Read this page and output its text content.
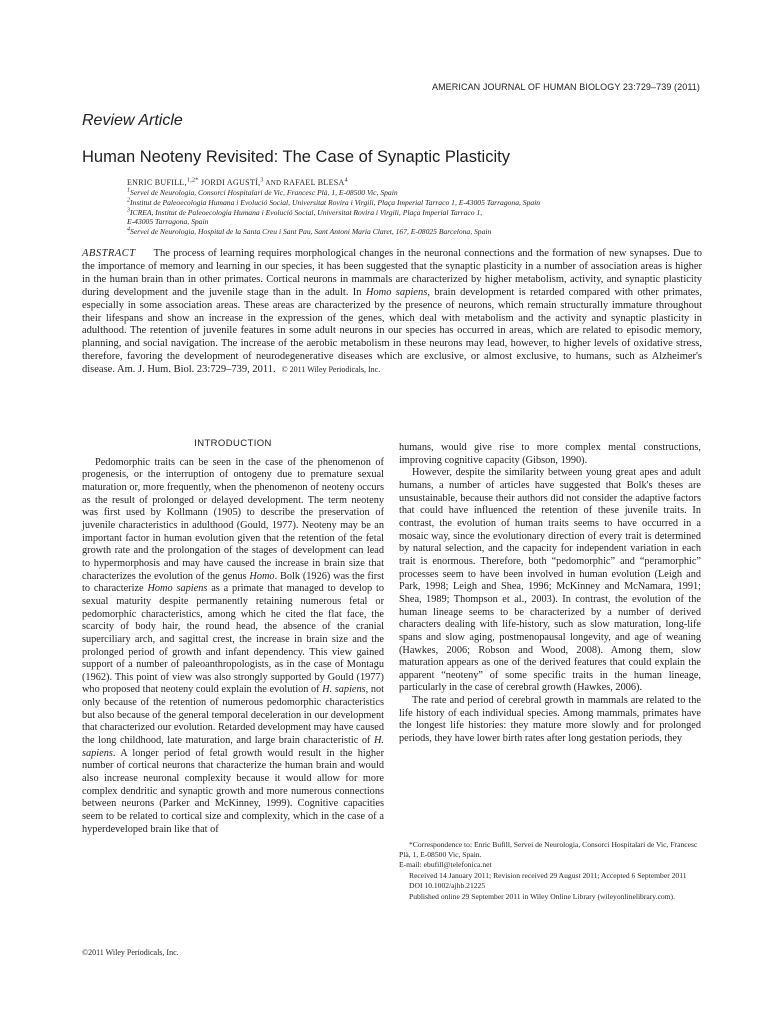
AMERICAN JOURNAL OF HUMAN BIOLOGY 23:729–739 (2011)
Review Article
Human Neoteny Revisited: The Case of Synaptic Plasticity
ENRIC BUFILL,$^{1,2*}$ JORDI AGUSTÍ,$^3$ AND RAFAEL BLESA$^4$
$^1$Servei de Neurologia, Consorci Hospitalari de Vic, Francesc Plà, 1, E-08500 Vic, Spain
$^2$Institut de Paleoecologia Humana i Evolució Social, Universitat Rovira i Virgili, Plaça Imperial Tarraco 1, E-43005 Tarragona, Spain
$^3$ICREA, Institut de Paleoecologia Humana i Evolució Social, Universitat Rovira i Virgili, Plaça Imperial Tarraco 1,
E-43005 Tarragona, Spain
$^4$Servei de Neurologia, Hospital de la Santa Creu i Sant Pau, Sant Antoni Maria Claret, 167, E-08025 Barcelona, Spain
ABSTRACT The process of learning requires morphological changes in the neuronal connections and the formation of new synapses. Due to the importance of memory and learning in our species, it has been suggested that the synaptic plasticity in a number of association areas is higher in the human brain than in other primates. Cortical neurons in mammals are characterized by higher metabolism, activity, and synaptic plasticity during development and the juvenile stage than in the adult. In Homo sapiens, brain development is retarded compared with other primates, especially in some association areas. These areas are characterized by the presence of neurons, which remain structurally immature throughout their lifespans and show an increase in the expression of the genes, which deal with metabolism and the activity and synaptic plasticity in adulthood. The retention of juvenile features in some adult neurons in our species has occurred in areas, which are related to episodic memory, planning, and social navigation. The increase of the aerobic metabolism in these neurons may lead, however, to higher levels of oxidative stress, therefore, favoring the development of neurodegenerative diseases which are exclusive, or almost exclusive, to humans, such as Alzheimer's disease. Am. J. Hum. Biol. 23:729–739, 2011. © 2011 Wiley Periodicals, Inc.
INTRODUCTION

Pedomorphic traits can be seen in the case of the phenomenon of progenesis, or the interruption of ontogeny due to premature sexual maturation or, more frequently, when the phenomenon of neoteny occurs as the result of prolonged or delayed development. The term neoteny was first used by Kollmann (1905) to describe the preservation of juvenile characteristics in adulthood (Gould, 1977). Neoteny may be an important factor in human evolution given that the retention of the fetal growth rate and the prolongation of the stages of development can lead to hypermorphosis and may have caused the increase in brain size that characterizes the evolution of the genus Homo. Bolk (1926) was the first to characterize Homo sapiens as a primate that managed to develop to sexual maturity despite permanently retaining numerous fetal or pedomorphic characteristics, among which he cited the flat face, the scarcity of body hair, the round head, the absence of the cranial superciliary arch, and sagittal crest, the increase in brain size and the prolonged period of growth and infant dependency. This view gained support of a number of paleoanthropologists, as in the case of Montagu (1962). This point of view was also strongly supported by Gould (1977) who proposed that neoteny could explain the evolution of H. sapiens, not only because of the retention of numerous pedomorphic characteristics but also because of the general temporal deceleration in our development that characterized our evolution. Retarded development may have caused the long childhood, late maturation, and large brain characteristic of H. sapiens. A longer period of fetal growth would result in the higher number of cortical neurons that characterize the human brain and would also increase neuronal complexity because it would allow for more complex dendritic and synaptic growth and more numerous connections between neurons (Parker and McKinney, 1999). Cognitive capacities seem to be related to cortical size and complexity, which in the case of a hyperdeveloped brain like that of

humans, would give rise to more complex mental constructions, improving cognitive capacity (Gibson, 1990).

However, despite the similarity between young great apes and adult humans, a number of articles have suggested that Bolk's theses are unsustainable, because their authors did not consider the adaptive factors that could have influenced the retention of these juvenile traits. In contrast, the evolution of human traits seems to have occurred in a mosaic way, since the evolutionary direction of every trait is determined by natural selection, and the capacity for independent variation in each trait is enormous. Therefore, both “pedomorphic” and “peramorphic” processes seem to have been involved in human evolution (Leigh and Park, 1998; Leigh and Shea, 1996; McKinney and McNamara, 1991; Shea, 1989; Thompson et al., 2003). In contrast, the evolution of the human lineage seems to be characterized by a number of derived characters dealing with life-history, such as slow maturation, long-life spans and slow aging, postmenopausal longevity, and age of weaning (Hawkes, 2006; Robson and Wood, 2008). Among them, slow maturation appears as one of the derived features that could explain the apparent “neoteny” of some specific traits in the human lineage, particularly in the case of cerebral growth (Hawkes, 2006).

The rate and period of cerebral growth in mammals are related to the life history of each individual species. Among mammals, primates have the longest life histories: they mature more slowly and for prolonged periods, they have lower birth rates after long gestation periods, they

*Correspondence to: Enric Bufill, Servei de Neurologia, Consorci Hospitalari de Vic, Francesc Plà, 1, E-08500 Vic, Spain.

E-mail: ebufill@telefonica.net

Received 14 January 2011; Revision received 29 August 2011; Accepted 6 September 2011

DOI 10.1002/ajhb.21225

Published online 29 September 2011 in Wiley Online Library (wileyonlinelibrary.com).

©2011 Wiley Periodicals, Inc.
